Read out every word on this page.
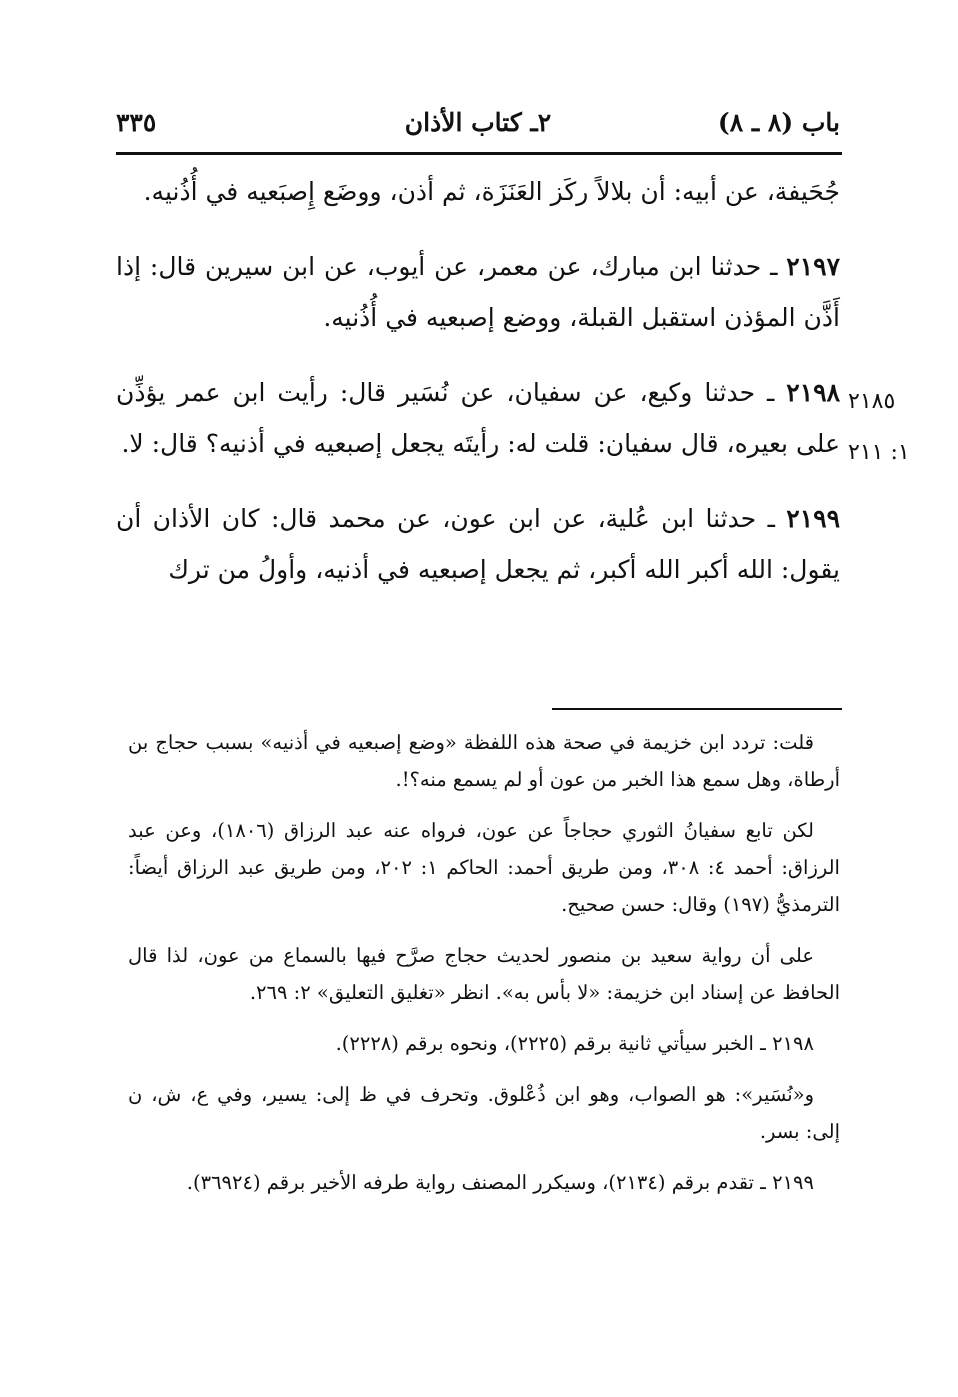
٣٣٥	٢ـ كتاب الأذان	باب (٨ ـ ٨)

جُحَيفة، عن أبيه: أن بلالاً ركَز العَنَزَة، ثم أذن، ووضَع إِصبَعيه في أُذُنيه.

٢١٩٧ ـ حدثنا ابن مبارك، عن معمر، عن أيوب، عن ابن سيرين قال: إذا أَذَّن المؤذن استقبل القبلة، ووضع إصبعيه في أُذُنيه.

٢١٩٨ ـ حدثنا وكيع، عن سفيان، عن نُسَير قال: رأيت ابن عمر يؤذِّن على بعيره، قال سفيان: قلت له: رأيتَه يجعل إصبعيه في أذنيه؟ قال: لا.

٢١٩٩ ـ حدثنا ابن عُلية، عن ابن عون، عن محمد قال: كان الأذان أن يقول: الله أكبر الله أكبر، ثم يجعل إصبعيه في أذنيه، وأولُ من ترك

٢١٨٥
١: ٢١١

قلت: تردد ابن خزيمة في صحة هذه اللفظة «وضع إصبعيه في أذنيه» بسبب حجاج بن أرطاة، وهل سمع هذا الخبر من عون أو لم يسمع منه؟!.

لكن تابع سفيانُ الثوري حجاجاً عن عون، فرواه عنه عبد الرزاق (١٨٠٦)، وعن عبد الرزاق: أحمد ٤: ٣٠٨، ومن طريق أحمد: الحاكم ١: ٢٠٢، ومن طريق عبد الرزاق أيضاً: الترمذيُّ (١٩٧) وقال: حسن صحيح.

على أن رواية سعيد بن منصور لحديث حجاج صرَّح فيها بالسماع من عون، لذا قال الحافظ عن إسناد ابن خزيمة: «لا بأس به». انظر «تغليق التعليق» ٢: ٢٦٩.

٢١٩٨ ـ الخبر سيأتي ثانية برقم (٢٢٢٥)، ونحوه برقم (٢٢٢٨).

و«نُسَير»: هو الصواب، وهو ابن ذُعْلوق. وتحرف في ظ إلى: يسير، وفي ع، ش، ن إلى: بسر.

٢١٩٩ ـ تقدم برقم (٢١٣٤)، وسيكرر المصنف رواية طرفه الأخير برقم (٣٦٩٢٤).
